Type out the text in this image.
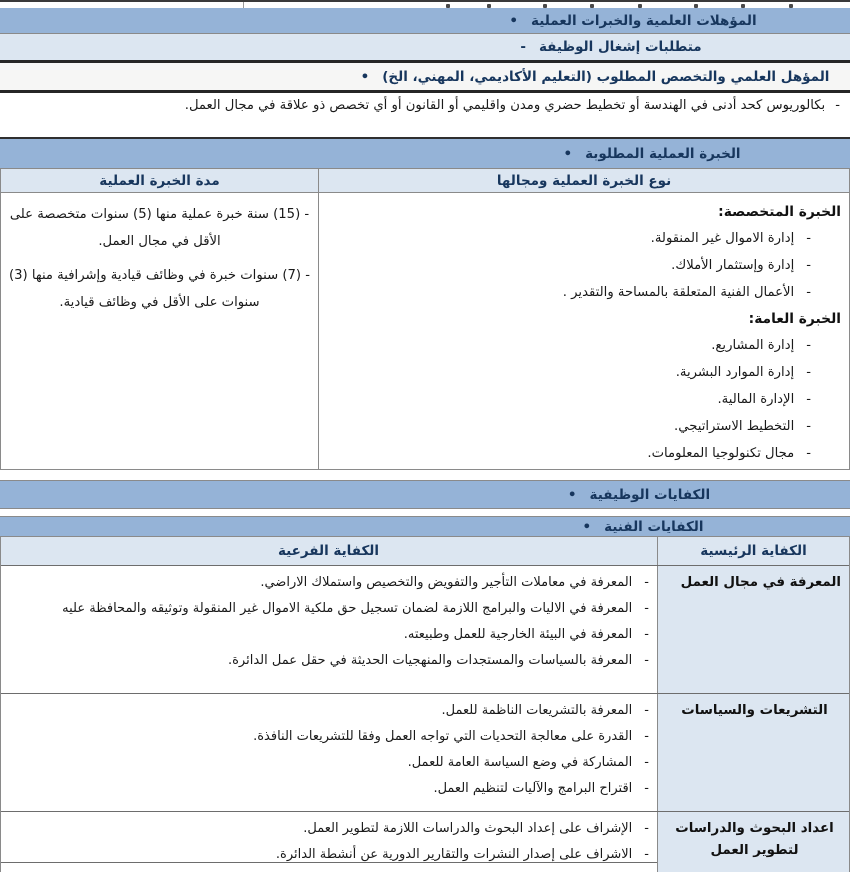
• المؤهلات العلمية والخبرات العملية
- متطلبات إشغال الوظيفة
• المؤهل العلمي والتخصص المطلوب (التعليم الأكاديمي، المهني، الخ)
-
بكالوريوس كحد أدنى في الهندسة أو تخطيط حضري ومدن واقليمي أو القانون أو أي تخصص ذو علاقة في مجال العمل.
• الخبرة العملية المطلوبة
نوع الخبرة العملية ومجالها
مدة الخبرة العملية
الخبرة المتخصصة:
-
إدارة الاموال غير المنقولة.
-
إدارة وإستثمار الأملاك.
-
الأعمال الفنية المتعلقة بالمساحة والتقدير .
الخبرة العامة:
-
إدارة المشاريع.
-
إدارة الموارد البشرية.
-
الإدارة المالية.
-
التخطيط الاستراتيجي.
-
مجال تكنولوجيا المعلومات.

- (15) سنة خبرة عملية منها (5) سنوات متخصصة على الأقل في مجال العمل.

- (7) سنوات خبرة في وظائف قيادية وإشرافية منها (3) سنوات على الأقل في وظائف قيادية.

• الكفايات الوظيفية
• الكفايات الفنية
الكفاية الرئيسية
الكفاية الفرعية
المعرفة في مجال العمل
-
المعرفة في معاملات التأجير والتفويض والتخصيص واستملاك الاراضي.
-
المعرفة في الاليات والبرامج اللازمة لضمان تسجيل حق ملكية الاموال غير المنقولة وتوثيقه والمحافظة عليه
-
المعرفة في البيئة الخارجية للعمل وطبيعته.
-
المعرفة بالسياسات والمستجدات والمنهجيات الحديثة في حقل عمل الدائرة.
التشريعات والسياسات
-
المعرفة بالتشريعات الناظمة للعمل.
-
القدرة على معالجة التحديات التي تواجه العمل وفقا للتشريعات النافذة.
-
المشاركة في وضع السياسة العامة للعمل.
-
اقتراح البرامج والآليات لتنظيم العمل.
اعداد البحوث والدراسات لتطوير العمل
-
الإشراف على إعداد البحوث والدراسات اللازمة لتطوير العمل.
-
الاشراف على إصدار النشرات والتقارير الدورية عن أنشطة الدائرة.
